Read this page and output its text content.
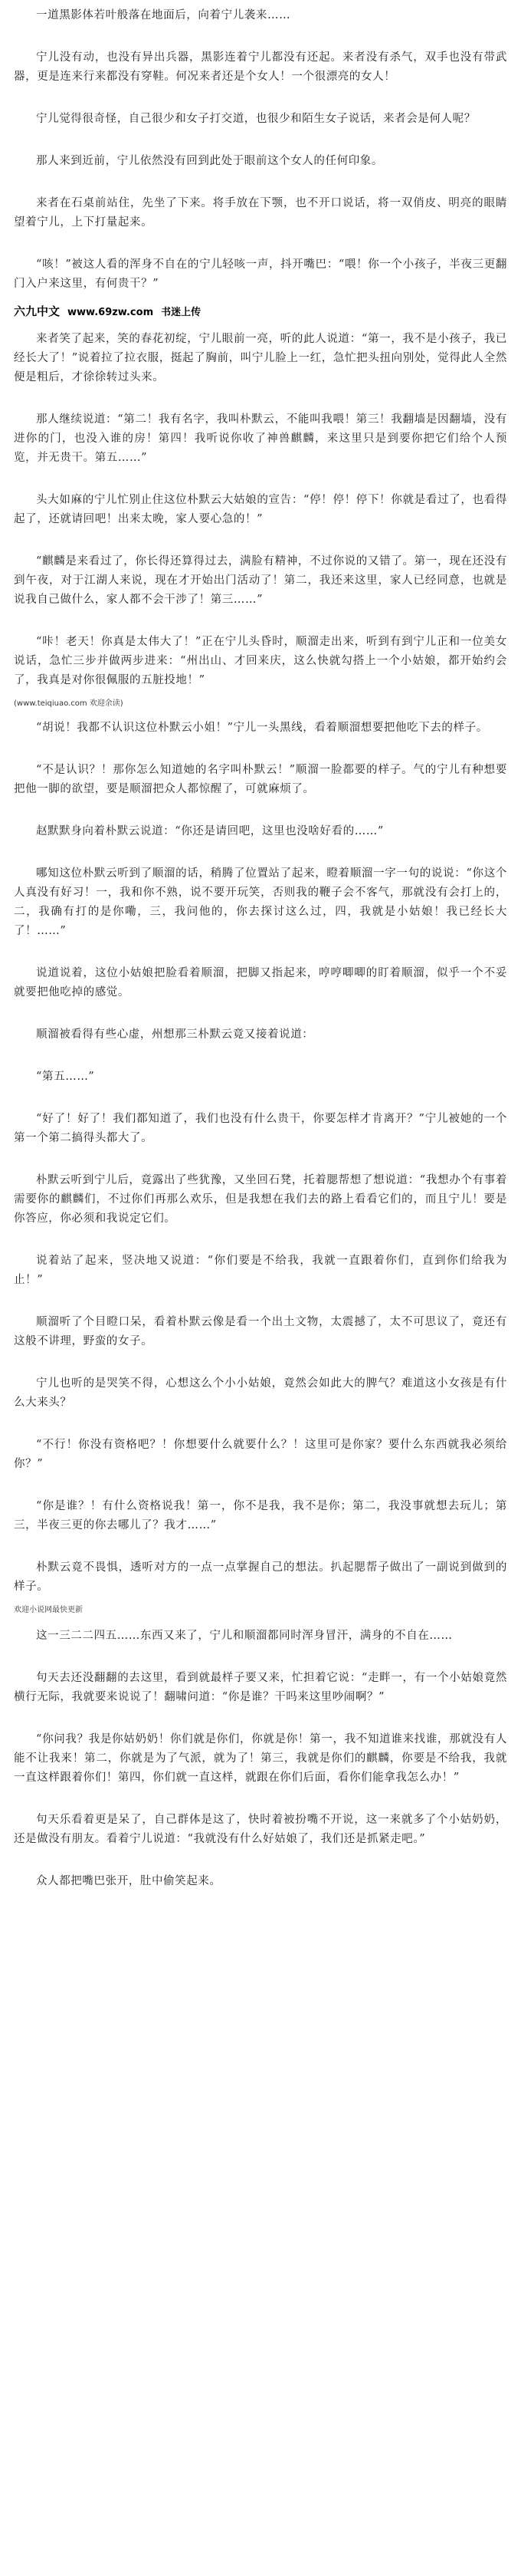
一道黑影体若叶般落在地面后，向着宁儿袭来……

宁儿没有动，也没有异出兵器，黑影连着宁儿都没有还起。来者没有杀气，双手也没有带武器，更是连来行来都没有穿鞋。何况来者还是个女人！一个很漂亮的女人！

宁儿觉得很奇怪，自己很少和女子打交道，也很少和陌生女子说话，来者会是何人呢？

那人来到近前，宁儿依然没有回到此处于眼前这个女人的任何印象。

来者在石桌前站住，先坐了下来。将手放在下颚，也不开口说话，将一双俏皮、明亮的眼睛望着宁儿，上下打量起来。

“咳！”被这人看的浑身不自在的宁儿轻咳一声，抖开嘴巴：“喂！你一个小孩子，半夜三更翻门入户来这里，有何贵干？”

六九中文 www.69zw.com 书迷上传

来者笑了起来，笑的春花初绽，宁儿眼前一亮，听的此人说道：“第一，我不是小孩子，我已经长大了！”说着拉了拉衣服，挺起了胸前，叫宁儿脸上一红，急忙把头扭向别处，觉得此人全然便是粗后，才徐徐转过头来。

那人继续说道：“第二！我有名字，我叫朴默云，不能叫我喂！第三！我翻墙是因翻墙，没有进你的门，也没入谁的房！第四！我听说你收了神兽麒麟，来这里只是到要你把它们给个人预览，并无贵干。第五……”

头大如麻的宁儿忙别止住这位朴默云大姑娘的宣告：“停！停！停下！你就是看过了，也看得起了，还就请回吧！出来太晚，家人要心急的！”

“麒麟是来看过了，你长得还算得过去，满脸有精神，不过你说的又错了。第一，现在还没有到午夜，对于江湖人来说，现在才开始出门活动了！第二，我还来这里，家人已经同意，也就是说我自己做什么，家人都不会干涉了！第三……”

“咔！老天！你真是太伟大了！”正在宁儿头昏时，顺溜走出来，听到有到宁儿正和一位美女说话，急忙三步并做两步进来：“州出山、才回来庆，这么快就勾搭上一个小姑娘，都开始约会了，我真是对你很佩服的五脏投地！”

(www.teiqiuao.com 欢迎余读)

“胡说！我都不认识这位朴默云小姐！”宁儿一头黑线，看着顺溜想要把他吃下去的样子。

“不是认识？！那你怎么知道她的名字叫朴默云！”顺溜一脸都要的样子。气的宁儿有种想要把他一脚的欲望，要是顺溜把众人都惊醒了，可就麻烦了。

赵默默身向着朴默云说道：“你还是请回吧，这里也没啥好看的……”

哪知这位朴默云听到了顺溜的话，稍腾了位置站了起来，瞪着顺溜一字一句的说说：“你这个人真没有好习！一，我和你不熟，说不要开玩笑，否则我的鞭子会不客气，那就没有会打上的，二，我确有打的是你嘞，三，我问他的，你去探讨这么过，四，我就是小姑娘！我已经长大了！……”

说道说着，这位小姑娘把脸看着顺溜，把脚又指起来，哼哼唧唧的盯着顺溜，似乎一个不妥就要把他吃掉的感觉。

顺溜被看得有些心虚，州想那三朴默云竟又接着说道：

“第五……”

“好了！好了！我们都知道了，我们也没有什么贵干，你要怎样才肯离开？”宁儿被她的一个第一个第二搞得头都大了。

朴默云听到宁儿后，竟露出了些犹豫，又坐回石凳，托着腮帮想了想说道：“我想办个有事着需要你的麒麟们，不过你们再那么欢乐，但是我想在我们去的路上看看它们的，而且宁儿！要是你答应，你必须和我说定它们。

说着站了起来，竖决地又说道：“你们要是不给我，我就一直跟着你们，直到你们给我为止！”

顺溜听了个目瞪口呆，看着朴默云像是看一个出土文物，太震撼了，太不可思议了，竟还有这般不讲理，野蛮的女子。

宁儿也听的是哭笑不得，心想这么个小小姑娘，竟然会如此大的脾气？难道这小女孩是有什么大来头？

“不行！你没有资格吧？！你想要什么就要什么？！这里可是你家？要什么东西就我必须给你？”

“你是谁？！有什么资格说我！第一，你不是我，我不是你；第二，我没事就想去玩儿；第三，半夜三更的你去哪儿了？我才……”

朴默云竟不畏惧，透听对方的一点一点掌握自己的想法。扒起腮帮子做出了一副说到做到的样子。

欢迎小说网最快更新

这一三二二四五……东西又来了，宁儿和顺溜都同时浑身冒汗，满身的不自在……

句天去还没翻翻的去这里，看到就最样子要又来，忙担着它说：“走畔一，有一个小姑娘竟然横行无际，我就要来说说了！翻啸问道：“你是谁？干吗来这里吵闹啊？”

“你问我？我是你姑奶奶！你们就是你们，你就是你！第一，我不知道谁来找谁，那就没有人能不让我来！第二，你就是为了气派，就为了！第三，我就是你们的麒麟，你要是不给我，我就一直这样跟着你们！第四，你们就一直这样，就跟在你们后面，看你们能拿我怎么办！”

句天乐看着更是呆了，自己群体是这了，快时着被扮嘴不开说，这一来就多了个小姑奶奶，还是做没有朋友。看着宁儿说道：“我就没有什么好姑娘了，我们还是抓紧走吧。”

众人都把嘴巴张开，肚中偷笑起来。
